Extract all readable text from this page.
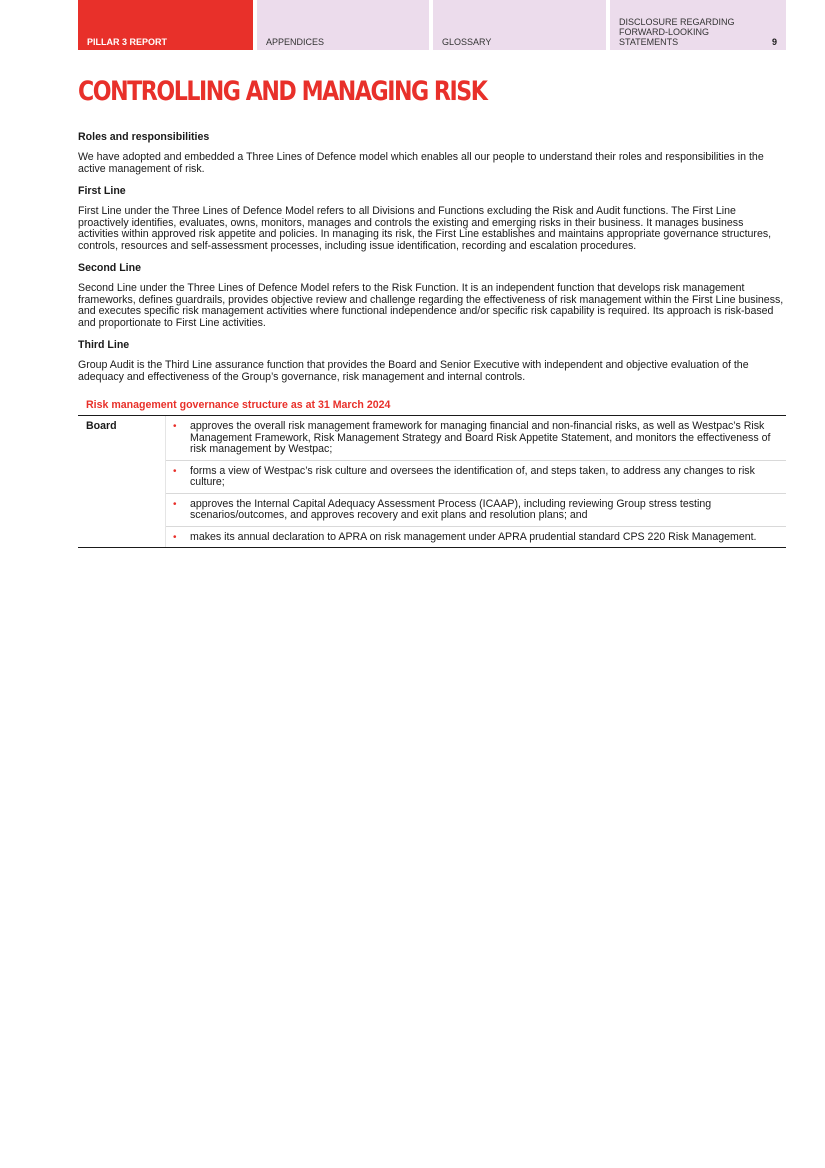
PILLAR 3 REPORT	APPENDICES	GLOSSARY
DISCLOSURE REGARDING FORWARD-LOOKING STATEMENTS	9
CONTROLLING AND MANAGING RISK
Roles and responsibilities

We have adopted and embedded a Three Lines of Defence model which enables all our people to understand their roles and responsibilities in the active management of risk.

First Line

First Line under the Three Lines of Defence Model refers to all Divisions and Functions excluding the Risk and Audit functions. The First Line proactively identifies, evaluates, owns, monitors, manages and controls the existing and emerging risks in their business. It manages business activities within approved risk appetite and policies. In managing its risk, the First Line establishes and maintains appropriate governance structures, controls, resources and self-assessment processes, including issue identification, recording and escalation procedures.

Second Line

Second Line under the Three Lines of Defence Model refers to the Risk Function. It is an independent function that develops risk management frameworks, defines guardrails, provides objective review and challenge regarding the effectiveness of risk management within the First Line business, and executes specific risk management activities where functional independence and/or specific risk capability is required. Its approach is risk-based and proportionate to First Line activities.

Third Line

Group Audit is the Third Line assurance function that provides the Board and Senior Executive with independent and objective evaluation of the adequacy and effectiveness of the Group’s governance, risk management and internal controls.

Risk management governance structure as at 31 March 2024
Board	• approves the overall risk management framework for managing financial and non-financial risks, as well as Westpac’s Risk Management Framework, Risk Management Strategy and Board Risk Appetite Statement, and monitors the effectiveness of risk management by Westpac;
• forms a view of Westpac’s risk culture and oversees the identification of, and steps taken, to address any changes to risk culture;
• approves the Internal Capital Adequacy Assessment Process (ICAAP), including reviewing Group stress testing scenarios/outcomes, and approves recovery and exit plans and resolution plans; and
• makes its annual declaration to APRA on risk management under APRA prudential standard CPS 220 Risk Management.
